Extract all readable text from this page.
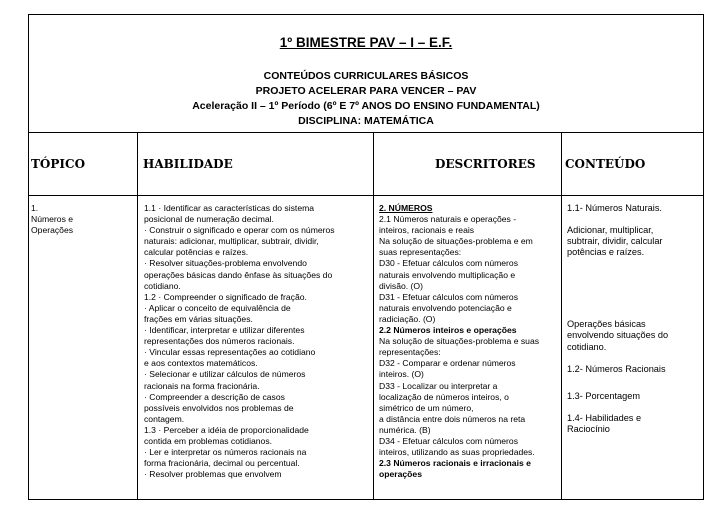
1º BIMESTRE PAV – I – E.F.
CONTEÚDOS CURRICULARES BÁSICOS
PROJETO ACELERAR PARA VENCER – PAV
Aceleração II – 1º Período (6º E 7º ANOS DO ENSINO FUNDAMENTAL)
DISCIPLINA: MATEMÁTICA
TÓPICO	HABILIDADE	DESCRITORES CONTEÚDO
1.
Números e
Operações
1.1 · Identificar as características do sistema
posicional de numeração decimal.
· Construir o significado e operar com os números
naturais: adicionar, multiplicar, subtrair, dividir,
calcular potências e raízes.
· Resolver situações-problema envolvendo
operações básicas dando ênfase às situações do
cotidiano.
1.2 · Compreender o significado de fração.
· Aplicar o conceito de equivalência de
frações em várias situações.
· Identificar, interpretar e utilizar diferentes
representações dos números racionais.
· Vincular essas representações ao cotidiano
e aos contextos matemáticos.
· Selecionar e utilizar cálculos de números
racionais na forma fracionária.
· Compreender a descrição de casos
possíveis envolvidos nos problemas de
contagem.
1.3 · Perceber a idéia de proporcionalidade
contida em problemas cotidianos.
· Ler e interpretar os números racionais na
forma fracionária, decimal ou percentual.
· Resolver problemas que envolvem
2. NÚMEROS
2.1 Números naturais e operações -
inteiros, racionais e reais
Na solução de situações-problema e em
suas representações:
D30 - Efetuar cálculos com números
naturais envolvendo multiplicação e
divisão. (O)
D31 - Efetuar cálculos com números
naturais envolvendo potenciação e
radiciação. (O)
2.2 Números inteiros e operações
Na solução de situações-problema e suas
representações:
D32 - Comparar e ordenar números
inteiros. (O)
D33 - Localizar ou interpretar a
localização de números inteiros, o
simétrico de um número,
a distância entre dois números na reta
numérica. (B)
D34 - Efetuar cálculos com números
inteiros, utilizando as suas propriedades.
2.3 Números racionais e irracionais e
operações
1.1- Números Naturais.
Adicionar, multiplicar,
subtrair, dividir, calcular
potências e raízes.
Operações básicas
envolvendo situações do
cotidiano.
1.2- Números Racionais
1.3- Porcentagem
1.4- Habilidades e
Raciocínio
